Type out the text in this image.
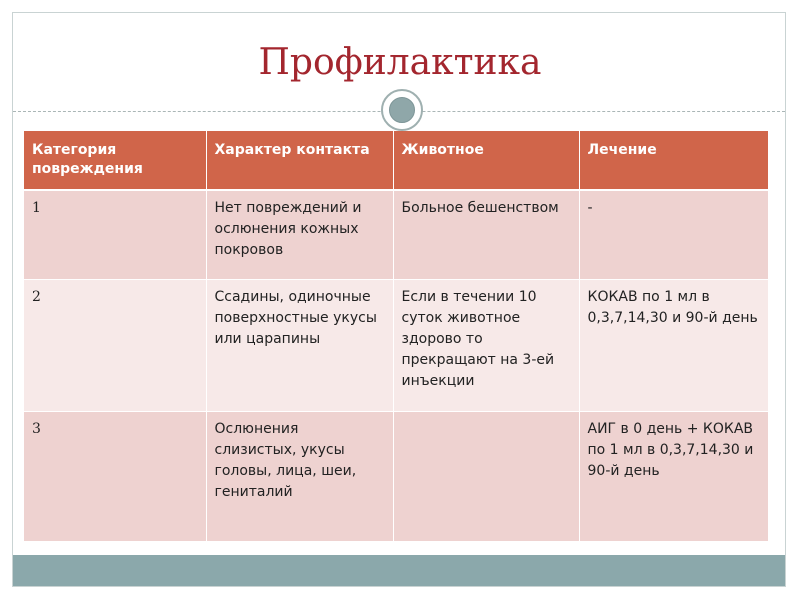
Профилактика
Категория повреждения	Характер контакта	Животное	Лечение
1	Нет повреждений и ослюнения кожных покровов	Больное бешенством	-
2	Ссадины, одиночные поверхностные укусы или царапины	Если в течении 10 суток животное здорово то прекращают на 3-ей инъекции	КОКАВ по 1 мл в 0,3,7,14,30 и 90-й день
3	Ослюнения слизистых, укусы головы, лица, шеи, гениталий		АИГ в 0 день + КОКАВ по 1 мл в 0,3,7,14,30 и 90-й день
